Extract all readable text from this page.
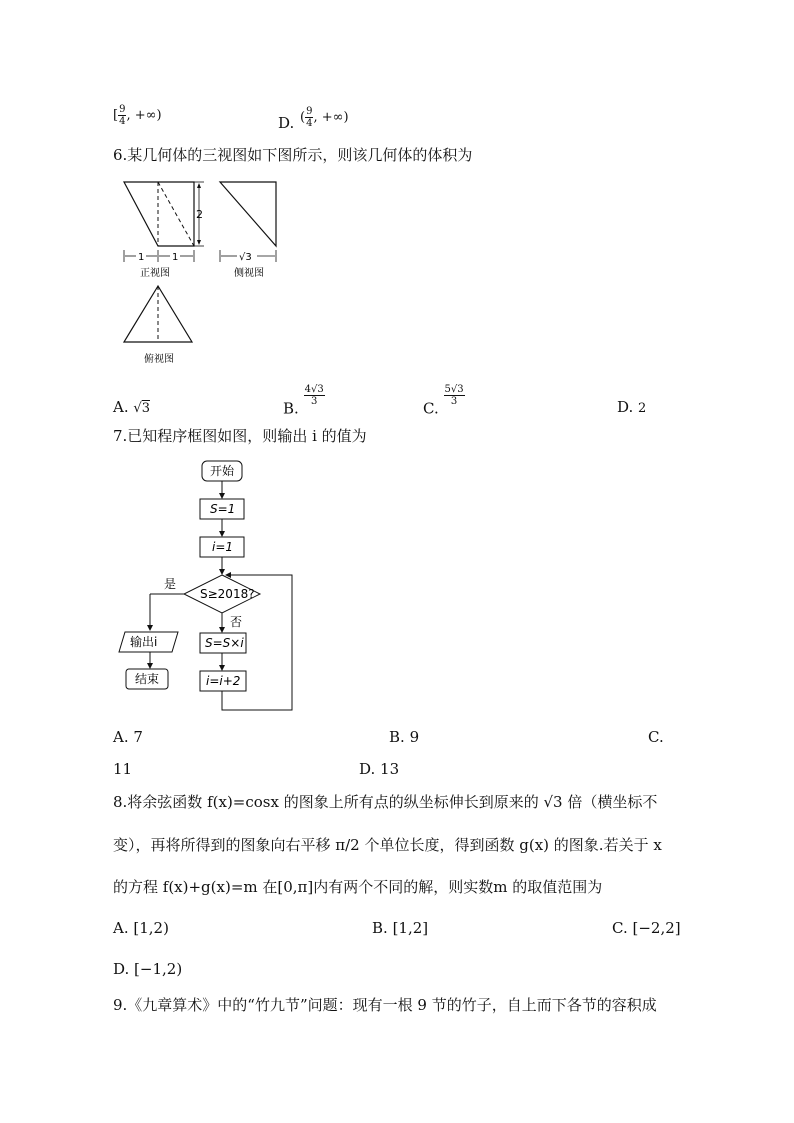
[ $\frac{9}{4}$ , +∞)	D. ( $\frac{9}{4}$ , +∞)
6.某几何体的三视图如下图所示，则该几何体的体积为
2
1	1
正视图
√3
侧视图
俯视图
A. √3	B.
$\frac{4√3}{3}$
C.
$\frac{5√3}{3}$	D. 2
7.已知程序框图如图，则输出 i 的值为
开始
S=1
i=1
S≥2018?
是
输出i
结束
否
S=S×i
i=i+2
A. 7	B. 9	C.
11	D. 13
8.将余弦函数 f(x)=cosx 的图象上所有点的纵坐标伸长到原来的 √3 倍（横坐标不
变），再将所得到的图象向右平移 π/2 个单位长度，得到函数 g(x) 的图象.若关于 x
的方程 f(x)+g(x)=m 在[0,π]内有两个不同的解，则实数m 的取值范围为
A. [1,2)	B. [1,2]	C. [−2,2]
D. [−1,2)
9.《九章算术》中的“竹九节”问题：现有一根 9 节的竹子，自上而下各节的容积成
